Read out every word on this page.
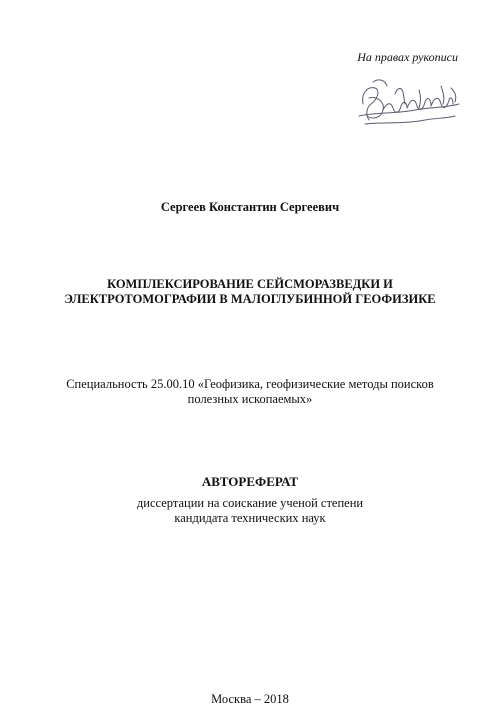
На правах рукописи
Сергеев Константин Сергеевич
КОМПЛЕКСИРОВАНИЕ СЕЙСМОРАЗВЕДКИ И
ЭЛЕКТРОТОМОГРАФИИ В МАЛОГЛУБИННОЙ ГЕОФИЗИКЕ
Специальность 25.00.10 «Геофизика, геофизические методы поисков
полезных ископаемых»
АВТОРЕФЕРАТ
диссертации на соискание ученой степени
кандидата технических наук
Москва – 2018
